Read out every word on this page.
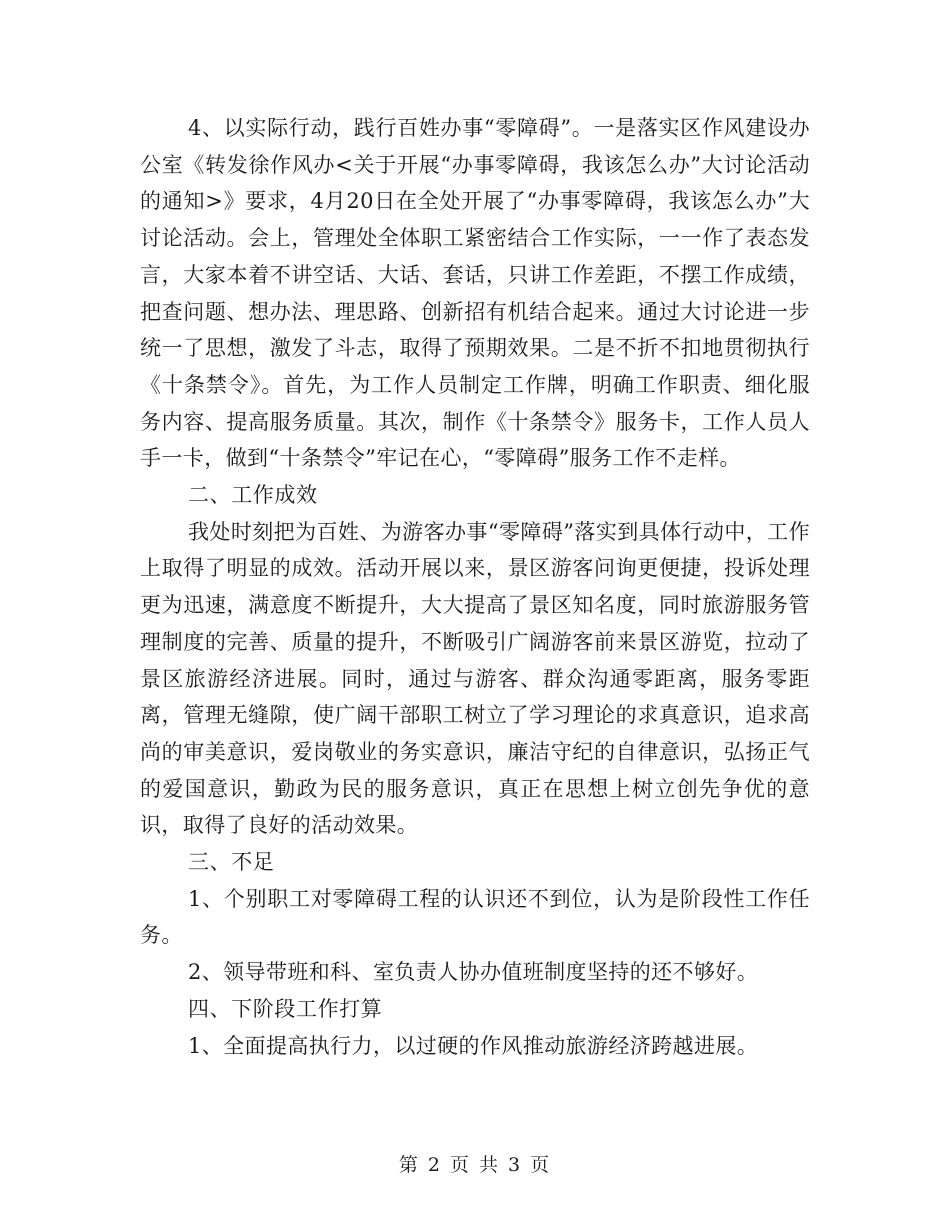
4、以实际行动，践行百姓办事“零障碍”。一是落实区作风建设办公室《转发徐作风办<关于开展“办事零障碍，我该怎么办”大讨论活动的通知>》要求，4月20日在全处开展了“办事零障碍，我该怎么办”大讨论活动。会上，管理处全体职工紧密结合工作实际，一一作了表态发言，大家本着不讲空话、大话、套话，只讲工作差距，不摆工作成绩，把查问题、想办法、理思路、创新招有机结合起来。通过大讨论进一步统一了思想，激发了斗志，取得了预期效果。二是不折不扣地贯彻执行《十条禁令》。首先，为工作人员制定工作牌，明确工作职责、细化服务内容、提高服务质量。其次，制作《十条禁令》服务卡，工作人员人手一卡，做到“十条禁令”牢记在心，“零障碍”服务工作不走样。

二、工作成效

我处时刻把为百姓、为游客办事“零障碍”落实到具体行动中，工作上取得了明显的成效。活动开展以来，景区游客问询更便捷，投诉处理更为迅速，满意度不断提升，大大提高了景区知名度，同时旅游服务管理制度的完善、质量的提升，不断吸引广阔游客前来景区游览，拉动了景区旅游经济进展。同时，通过与游客、群众沟通零距离，服务零距离，管理无缝隙，使广阔干部职工树立了学习理论的求真意识，追求高尚的审美意识，爱岗敬业的务实意识，廉洁守纪的自律意识，弘扬正气的爱国意识，勤政为民的服务意识，真正在思想上树立创先争优的意识，取得了良好的活动效果。

三、不足

1、个别职工对零障碍工程的认识还不到位，认为是阶段性工作任务。

2、领导带班和科、室负责人协办值班制度坚持的还不够好。

四、下阶段工作打算

1、全面提高执行力，以过硬的作风推动旅游经济跨越进展。

第 2 页 共 3 页
